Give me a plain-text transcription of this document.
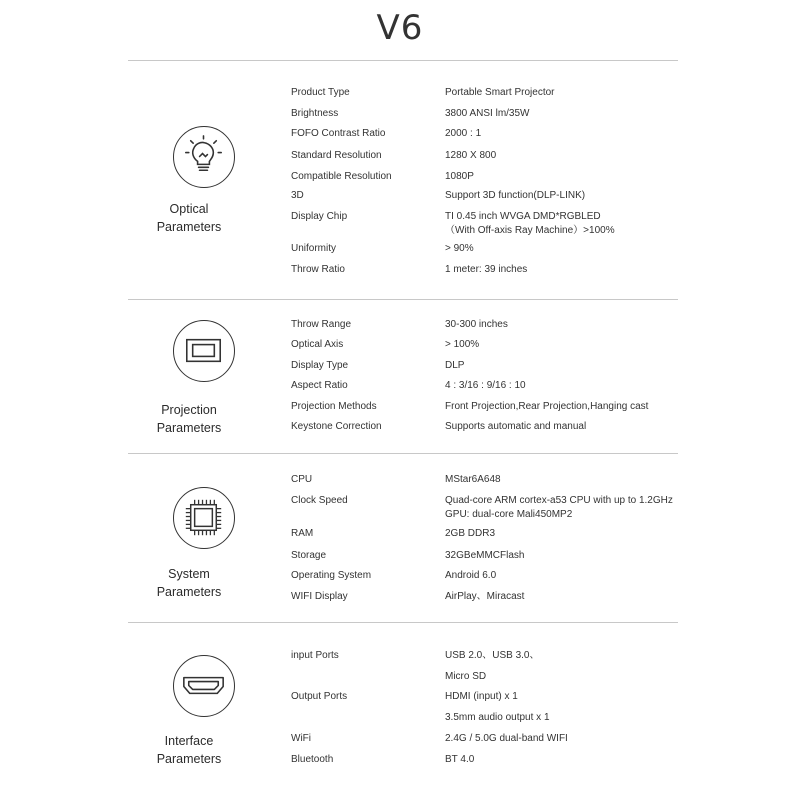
V6
Optical
Parameters
Product Type	Portable Smart Projector
Brightness	3800 ANSI lm/35W
FOFO Contrast Ratio	2000 : 1
Standard Resolution	1280 X 800
Compatible Resolution	1080P
3D	Support 3D function(DLP-LINK)
Display Chip	TI 0.45 inch WVGA DMD*RGBLED
（With Off-axis Ray Machine）>100%
Uniformity	> 90%
Throw Ratio	1 meter: 39 inches
Projection
Parameters
Throw Range	30-300 inches
Optical Axis	> 100%
Display Type	DLP
Aspect Ratio	4 : 3/16 : 9/16 : 10
Projection Methods	Front Projection,Rear Projection,Hanging cast
Keystone Correction	Supports automatic and manual
System
Parameters
CPU	MStar6A648
Clock Speed	Quad-core ARM cortex-a53 CPU with up to 1.2GHz
GPU: dual-core Mali450MP2
RAM	2GB DDR3
Storage	32GBeMMCFlash
Operating System	Android 6.0
WIFI Display	AirPlay、Miracast
Interface
Parameters
input Ports	USB 2.0、USB 3.0、
Micro SD
Output Ports	HDMI (input) x 1
3.5mm audio output x 1
WiFi	2.4G / 5.0G dual-band WIFI
Bluetooth	BT 4.0
